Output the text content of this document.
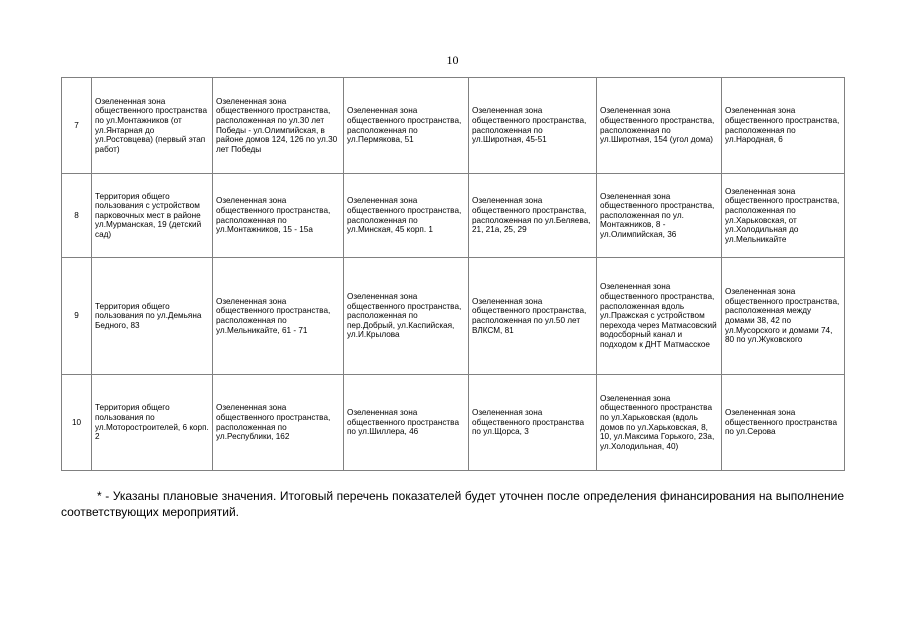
10
7	Озелененная зона общественного пространства по ул.Монтажников (от ул.Янтарная до ул.Ростовцева) (первый этап работ)	Озелененная зона общественного пространства, расположенная по ул.30 лет Победы - ул.Олимпийская, в районе домов 124, 126 по ул.30 лет Победы	Озелененная зона общественного пространства, расположенная по ул.Пермякова, 51	Озелененная зона общественного пространства, расположенная по ул.Широтная, 45-51	Озелененная зона общественного пространства, расположенная по ул.Широтная, 154 (угол дома)	Озелененная зона общественного пространства, расположенная по ул.Народная, 6
8	Территория общего пользования с устройством парковочных мест в районе ул.Мурманская, 19 (детский сад)	Озелененная зона общественного пространства, расположенная по ул.Монтажников, 15 - 15а	Озелененная зона общественного пространства, расположенная по ул.Минская, 45 корп. 1	Озелененная зона общественного пространства, расположенная по ул.Беляева, 21, 21а, 25, 29	Озелененная зона общественного пространства, расположенная по ул. Монтажников, 8 - ул.Олимпийская, 36	Озелененная зона общественного пространства, расположенная по ул.Харьковская, от ул.Холодильная до ул.Мельникайте
9	Территория общего пользования по ул.Демьяна Бедного, 83	Озелененная зона общественного пространства, расположенная по ул.Мельникайте, 61 - 71	Озелененная зона общественного пространства, расположенная по пер.Добрый, ул.Каспийская, ул.И.Крылова	Озелененная зона общественного пространства, расположенная по ул.50 лет ВЛКСМ, 81	Озелененная зона общественного пространства, расположенная вдоль ул.Пражская с устройством перехода через Матмасовский водосборный канал и подходом к ДНТ Матмасское	Озелененная зона общественного пространства, расположенная между домами 38, 42 по ул.Мусорского и домами 74, 80 по ул.Жуковского
10	Территория общего пользования по ул.Моторостроителей, 6 корп. 2	Озелененная зона общественного пространства, расположенная по ул.Республики, 162	Озелененная зона общественного пространства по ул.Шиллера, 46	Озелененная зона общественного пространства по ул.Щорса, 3	Озелененная зона общественного пространства по ул.Харьковская (вдоль домов по ул.Харьковская, 8, 10, ул.Максима Горького, 23а, ул.Холодильная, 40)	Озелененная зона общественного пространства по ул.Серова
* - Указаны плановые значения. Итоговый перечень показателей будет уточнен после определения финансирования на выполнение соответствующих мероприятий.
